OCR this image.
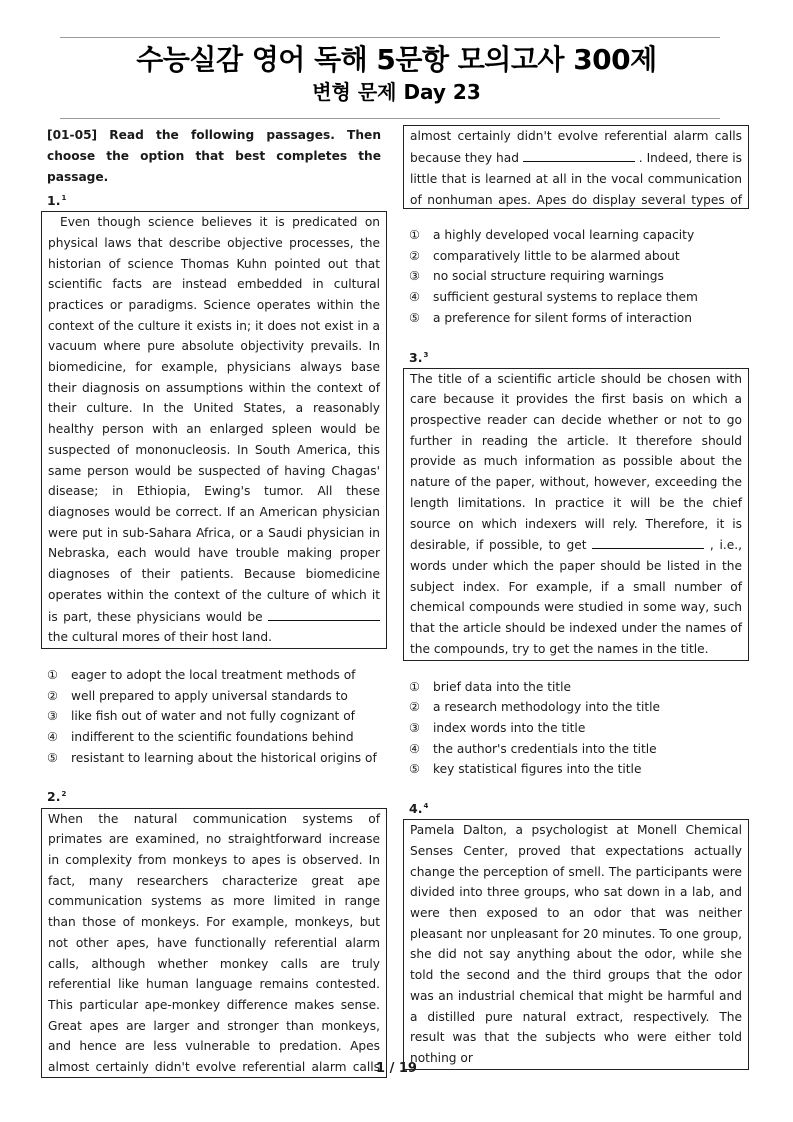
수능실감 영어 독해 5문항 모의고사 300제
변형 문제 Day 23
[01-05] Read the following passages. Then choose the option that best completes the passage.
1.$^1$
Even though science believes it is predicated on physical laws that describe objective processes, the historian of science Thomas Kuhn pointed out that scientific facts are instead embedded in cultural practices or paradigms. Science operates within the context of the culture it exists in; it does not exist in a vacuum where pure absolute objectivity prevails. In biomedicine, for example, physicians always base their diagnosis on assumptions within the context of their culture. In the United States, a reasonably healthy person with an enlarged spleen would be suspected of mononucleosis. In South America, this same person would be suspected of having Chagas' disease; in Ethiopia, Ewing's tumor. All these diagnoses would be correct. If an American physician were put in sub-Sahara Africa, or a Saudi physician in Nebraska, each would have trouble making proper diagnoses of their patients. Because biomedicine operates within the context of the culture of which it is part, these physicians would be  the cultural mores of their host land.
① eager to adopt the local treatment methods of
② well prepared to apply universal standards to
③ like fish out of water and not fully cognizant of
④ indifferent to the scientific foundations behind
⑤ resistant to learning about the historical origins of
2.$^2$
When the natural communication systems of primates are examined, no straightforward increase in complexity from monkeys to apes is observed. In fact, many researchers characterize great ape communication systems as more limited in range than those of monkeys. For example, monkeys, but not other apes, have functionally referential alarm calls, although whether monkey calls are truly referential like human language remains contested. This particular ape-monkey difference makes sense. Great apes are larger and stronger than monkeys, and hence are less vulnerable to predation. Apes almost certainly didn't evolve referential alarm calls
almost certainly didn't evolve referential alarm calls because they had	. Indeed, there is little that is learned at all in the vocal communication of nonhuman apes. Apes do display several types of
① a highly developed vocal learning capacity
② comparatively little to be alarmed about
③ no social structure requiring warnings
④ sufficient gestural systems to replace them
⑤ a preference for silent forms of interaction
3.$^3$
The title of a scientific article should be chosen with care because it provides the first basis on which a prospective reader can decide whether or not to go further in reading the article. It therefore should provide as much information as possible about the nature of the paper, without, however, exceeding the length limitations. In practice it will be the chief source on which indexers will rely. Therefore, it is desirable, if possible, to get	, i.e., words under which the paper should be listed in the subject index. For example, if a small number of chemical compounds were studied in some way, such that the article should be indexed under the names of the compounds, try to get the names in the title.
① brief data into the title
② a research methodology into the title
③ index words into the title
④ the author's credentials into the title
⑤ key statistical figures into the title
4.$^4$
Pamela Dalton, a psychologist at Monell Chemical Senses Center, proved that expectations actually change the perception of smell. The participants were divided into three groups, who sat down in a lab, and were then exposed to an odor that was neither pleasant nor unpleasant for 20 minutes. To one group, she did not say anything about the odor, while she told the second and the third groups that the odor was an industrial chemical that might be harmful and a distilled pure natural extract, respectively. The result was that the subjects who were either told nothing or
1 / 19
